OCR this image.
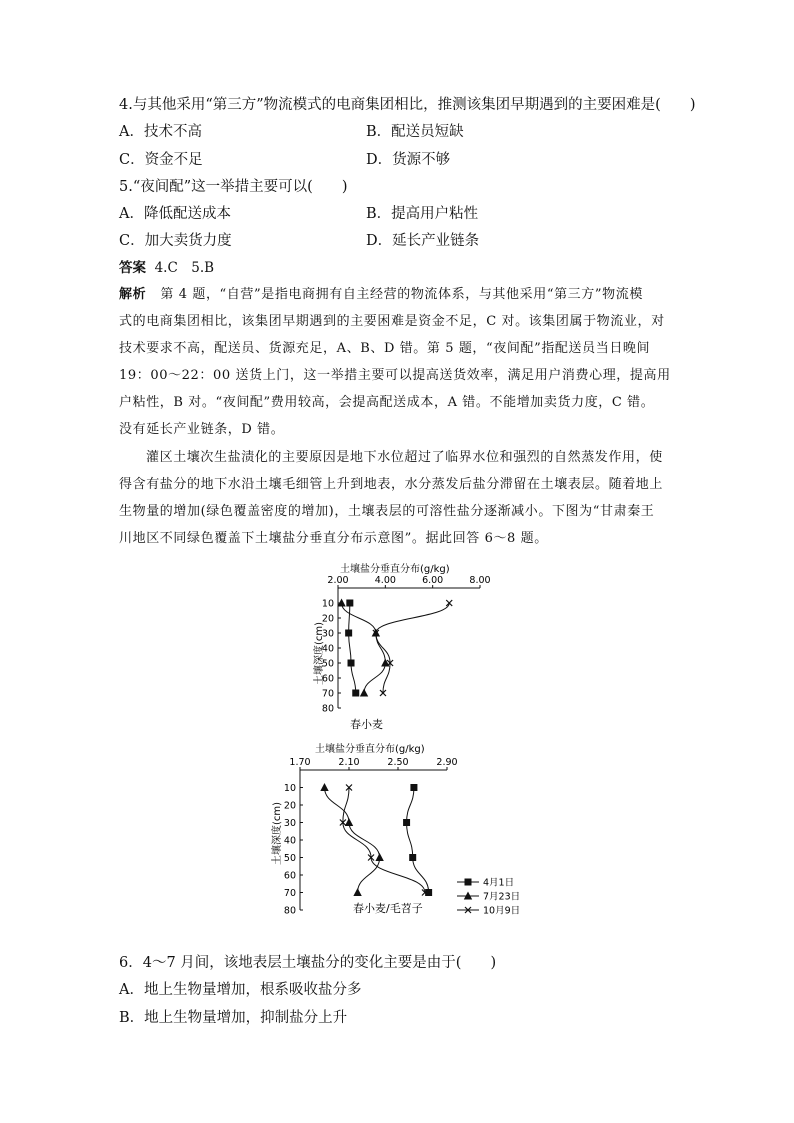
4.与其他采用“第三方”物流模式的电商集团相比，推测该集团早期遇到的主要困难是(　　)
A．技术不高	B．配送员短缺
C．资金不足	D．货源不够
5.“夜间配”这一举措主要可以(　　)
A．降低配送成本	B．提高用户粘性
C．加大卖货力度	D．延长产业链条
答案 4.C　5.B
解析 第 4 题，“自营”是指电商拥有自主经营的物流体系，与其他采用“第三方”物流模
式的电商集团相比，该集团早期遇到的主要困难是资金不足，C 对。该集团属于物流业，对
技术要求不高，配送员、货源充足，A、B、D 错。第 5 题，“夜间配”指配送员当日晚间
19：00～22：00 送货上门，这一举措主要可以提高送货效率，满足用户消费心理，提高用
户粘性，B 对。“夜间配”费用较高，会提高配送成本，A 错。不能增加卖货力度，C 错。
没有延长产业链条，D 错。
灌区土壤次生盐渍化的主要原因是地下水位超过了临界水位和强烈的自然蒸发作用，使
得含有盐分的地下水沿土壤毛细管上升到地表，水分蒸发后盐分滞留在土壤表层。随着地上
生物量的增加(绿色覆盖密度的增加)，土壤表层的可溶性盐分逐渐减小。下图为“甘肃秦王
川地区不同绿色覆盖下土壤盐分垂直分布示意图”。据此回答 6～8 题。
土壤盐分垂直分布(g/kg)
2.00	4.00	6.00	8.00
10
20
30
40
50
60
70
80
春小麦
土壤深度(cm)
土壤盐分垂直分布(g/kg)
1.70	2.10	2.50	2.90
10
20
30
40
50
60
70
80	春小麦/毛苕子
土壤深度(cm)
4月1日
7月23日
10月9日
6．4～7 月间，该地表层土壤盐分的变化主要是由于(　　)
A．地上生物量增加，根系吸收盐分多
B．地上生物量增加，抑制盐分上升
